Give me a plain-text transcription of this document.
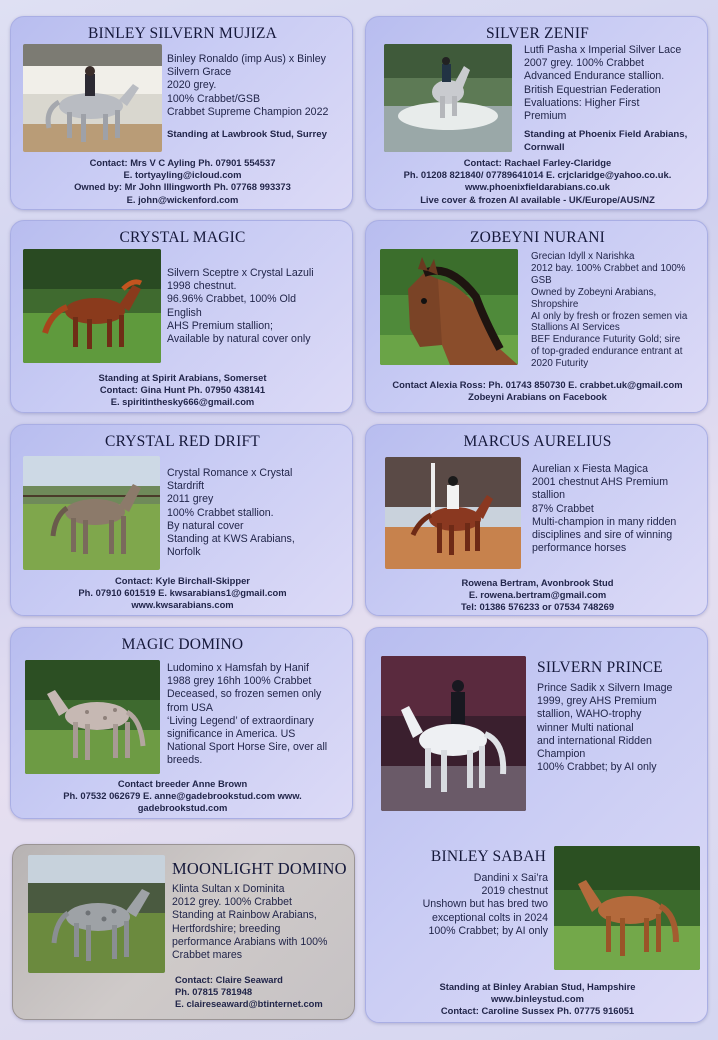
BINLEY SILVERN MUJIZA
Binley Ronaldo (imp Aus) x Binley
Silvern Grace
2020 grey.
100% Crabbet/GSB
Crabbet Supreme Champion 2022
Standing at Lawbrook Stud, Surrey
Contact: Mrs V C Ayling Ph. 07901 554537
E. tortyayling@icloud.com
Owned by: Mr John Illingworth Ph. 07768 993373
E. john@wickenford.com
SILVER ZENIF
Lutfi Pasha x Imperial Silver Lace
2007 grey. 100% Crabbet
Advanced Endurance stallion.
British Equestrian Federation
Evaluations: Higher First
Premium
Standing at Phoenix Field Arabians,
Cornwall
Contact: Rachael Farley-Claridge
Ph. 01208 821840/ 07789641014 E. crjclaridge@yahoo.co.uk.
www.phoenixfieldarabians.co.uk
Live cover & frozen AI available - UK/Europe/AUS/NZ
CRYSTAL MAGIC
Silvern Sceptre x Crystal Lazuli
1998 chestnut.
96.96% Crabbet, 100% Old
English
AHS Premium stallion;
Available by natural cover only
Standing at Spirit Arabians, Somerset
Contact: Gina Hunt Ph. 07950 438141
E. spiritinthesky666@gmail.com
ZOBEYNI NURANI
Grecian Idyll x Narishka
2012 bay. 100% Crabbet and 100%
GSB
Owned by Zobeyni Arabians,
Shropshire
AI only by fresh or frozen semen via
Stallions AI Services
BEF Endurance Futurity Gold; sire
of top-graded endurance entrant at
2020 Futurity
Contact Alexia Ross: Ph. 01743 850730 E. crabbet.uk@gmail.com
Zobeyni Arabians on Facebook
CRYSTAL RED DRIFT
Crystal Romance x Crystal
Stardrift
2011 grey
100% Crabbet stallion.
By natural cover
Standing at KWS Arabians,
Norfolk
Contact: Kyle Birchall-Skipper
Ph. 07910 601519 E. kwsarabians1@gmail.com
www.kwsarabians.com
MARCUS AURELIUS
Aurelian x Fiesta Magica
2001 chestnut AHS Premium
stallion
87% Crabbet
Multi-champion in many ridden
disciplines and sire of winning
performance horses
Rowena Bertram, Avonbrook Stud
E. rowena.bertram@gmail.com
Tel: 01386 576233 or 07534 748269
MAGIC DOMINO
Ludomino x Hamsfah by Hanif
1988 grey 16hh 100% Crabbet
Deceased, so frozen semen only
from USA
‘Living Legend’ of extraordinary
significance in America. US
National Sport Horse Sire, over all
breeds.
Contact breeder Anne Brown
Ph. 07532 062679 E. anne@gadebrookstud.com www.
gadebrookstud.com
SILVERN PRINCE
Prince Sadik x Silvern Image
1999, grey AHS Premium
stallion, WAHO-trophy
winner Multi national
and international Ridden
Champion
100% Crabbet; by AI only
BINLEY SABAH
Dandini x Sai’ra
2019 chestnut
Unshown but has bred two
exceptional colts in 2024
100% Crabbet; by AI only
Standing at Binley Arabian Stud, Hampshire
www.binleystud.com
Contact: Caroline Sussex Ph. 07775 916051
MOONLIGHT DOMINO
Klinta Sultan x Dominita
2012 grey. 100% Crabbet
Standing at Rainbow Arabians,
Hertfordshire; breeding
performance Arabians with 100%
Crabbet mares
Contact: Claire Seaward
Ph. 07815 781948
E. claireseaward@btinternet.com
